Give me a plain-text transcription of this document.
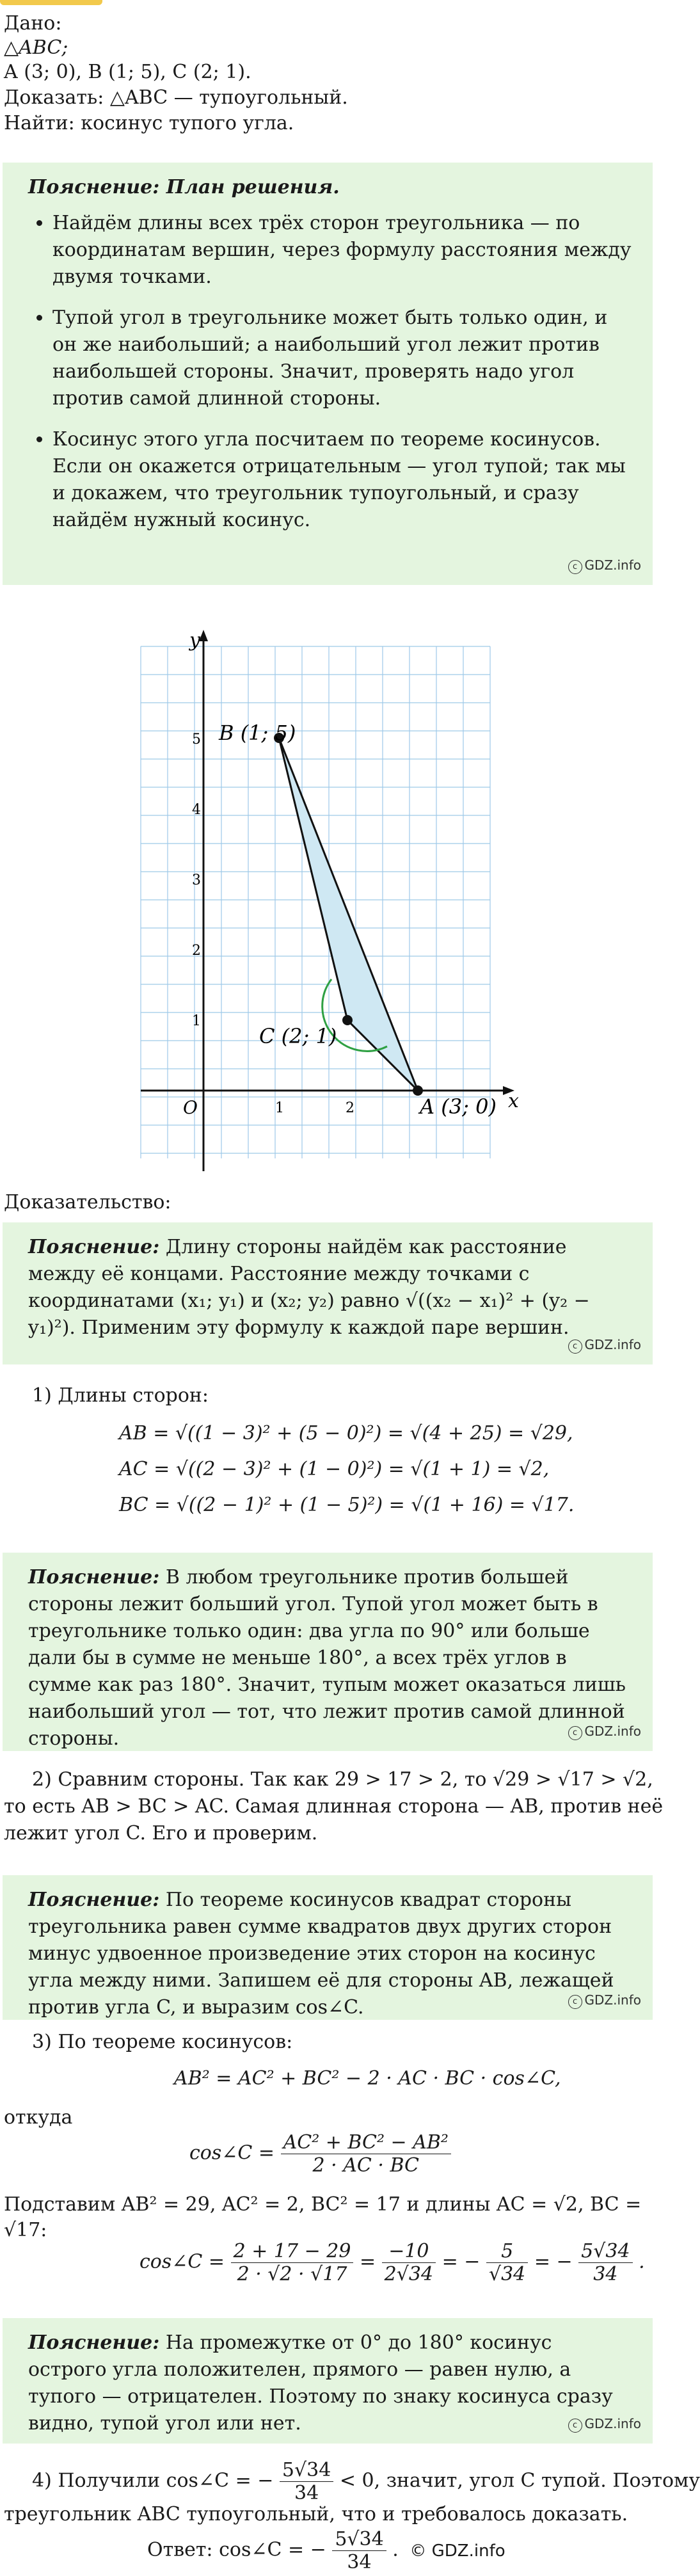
Дано:
△ABC;
A (3; 0), B (1; 5), C (2; 1).
Доказать: △ABC — тупоугольный.
Найти: косинус тупого угла.
Пояснение: План решения.
• Найдём длины всех трёх сторон треугольника — по координатам вершин, через формулу расстояния между двумя точками.
• Тупой угол в треугольнике может быть только один, и он же наибольший; а наибольший угол лежит против наибольшей стороны. Значит, проверять надо угол против самой длинной стороны.
• Косинус этого угла посчитаем по теореме косинусов. Если он окажется отрицательным — угол тупой; так мы и докажем, что треугольник тупоугольный, и сразу найдём нужный косинус.
c GDZ.info
y
x
O	1	2
1
2
3
4
5 B (1; 5)
C (2; 1)
A (3; 0)
Доказательство:
Пояснение: Длину стороны найдём как расстояние между её концами. Расстояние между точками с координатами (x₁; y₁) и (x₂; y₂) равно √((x₂ − x₁)² + (y₂ − y₁)²). Применим эту формулу к каждой паре вершин.
c GDZ.info
1) Длины сторон:
AB = √((1 − 3)² + (5 − 0)²) = √(4 + 25) = √29,
AC = √((2 − 3)² + (1 − 0)²) = √(1 + 1) = √2,
BC = √((2 − 1)² + (1 − 5)²) = √(1 + 16) = √17.
Пояснение: В любом треугольнике против большей стороны лежит больший угол. Тупой угол может быть в треугольнике только один: два угла по 90° или больше дали бы в сумме не меньше 180°, а всех трёх углов в сумме как раз 180°. Значит, тупым может оказаться лишь наибольший угол — тот, что лежит против самой длинной стороны.	c GDZ.info
2) Сравним стороны. Так как 29 > 17 > 2, то √29 > √17 > √2,
то есть AB > BC > AC. Самая длинная сторона — AB, против неё
лежит угол C. Его и проверим.
Пояснение: По теореме косинусов квадрат стороны треугольника равен сумме квадратов двух других сторон минус удвоенное произведение этих сторон на косинус угла между ними. Запишем её для стороны AB, лежащей против угла C, и выразим cos∠C.	c GDZ.info
3) По теореме косинусов:
AB² = AC² + BC² − 2 · AC · BC · cos∠C,
откуда
cos∠C = $\frac{\text{AC² + BC² − AB²}}{2 \cdot AC \cdot BC}$
Подставим AB² = 29, AC² = 2, BC² = 17 и длины AC = √2, BC =
√17:
cos∠C = $\frac{2 + 17 - 29}{2 \cdot √2 \cdot √17} = \frac{-10}{2√34}$ = − $\frac{5}{√34}$ = − $\frac{5√34}{34}$ .
Пояснение: На промежутке от 0° до 180° косинус острого угла положителен, прямого — равен нулю, а тупого — отрицателен. Поэтому по знаку косинуса сразу видно, тупой угол или нет.	c GDZ.info
4) Получили cos∠C = − $\frac{5√34}{34} < 0$, значит, угол C тупой. Поэтому
треугольник ABC тупоугольный, что и требовалось доказать.
Ответ: cos∠C = − $\frac{5√34}{34}$ . © GDZ.info
